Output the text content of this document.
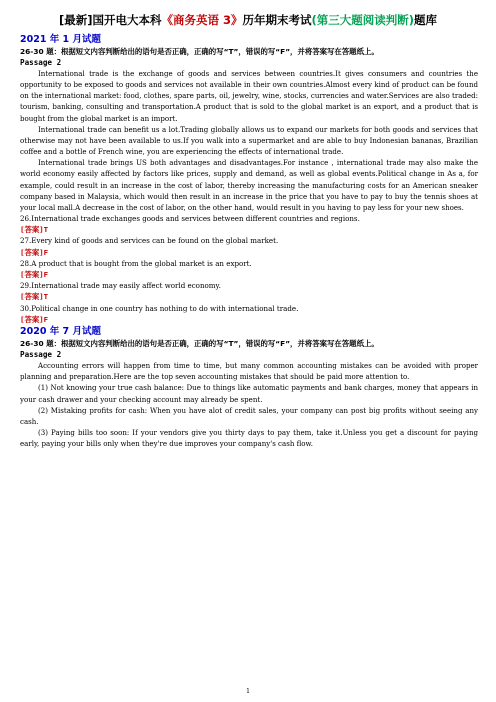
[最新]国开电大本科《商务英语 3》历年期末考试(第三大题阅读判断)题库
2021 年 1 月试题
26-30 题：根据短文内容判断给出的语句是否正确，正确的写“T”，错误的写“F”，并将答案写在答题纸上。
Passage 2

International trade is the exchange of goods and services between countries.It gives consumers and countries the opportunity to be exposed to goods and services not available in their own countries.Almost every kind of product can be found on the international market: food, clothes, spare parts, oil, jewelry, wine, stocks, currencies and water.Services are also traded: tourism, banking, consulting and transportation.A product that is sold to the global market is an export, and a product that is bought from the global market is an import.

International trade can benefit us a lot.Trading globally allows us to expand our markets for both goods and services that otherwise may not have been available to us.If you walk into a supermarket and are able to buy Indonesian bananas, Brazilian coffee and a bottle of French wine, you are experiencing the effects of international trade.

International trade brings US both advantages and disadvantages.For instance , international trade may also make the world economy easily affected by factors like prices, supply and demand, as well as global events.Political change in As a, for example, could result in an increase in the cost of labor, thereby increasing the manufacturing costs for an American sneaker company based in Malaysia, which would then result in an increase in the price that you have to pay to buy the tennis shoes at your local mall.A decrease in the cost of labor, on the other hand, would result in you having to pay less for your new shoes.

26.International trade exchanges goods and services between different countries and regions.

[答案]T

27.Every kind of goods and services can be found on the global market.

[答案]F

28.A product that is bought from the global market is an export.

[答案]F

29.International trade may easily affect world economy.

[答案]T

30.Political change in one country has nothing to do with international trade.

[答案]F
2020 年 7 月试题
26-30 题：根据短文内容判断给出的语句是否正确，正确的写“T”，错误的写“F”，并将答案写在答题纸上。
Passage 2

Accounting errors will happen from time to time, but many common accounting mistakes can be avoided with proper planning and preparation.Here are the top seven accounting mistakes that should be paid more attention to.

(1) Not knowing your true cash balance: Due to things like automatic payments and bank charges, money that appears in your cash drawer and your checking account may already be spent.

(2) Mistaking profits for cash: When you have alot of credit sales, your company can post big profits without seeing any cash.

(3) Paying bills too soon: If your vendors give you thirty days to pay them, take it.Unless you get a discount for paying early, paying your bills only when they're due improves your company's cash flow.

1
